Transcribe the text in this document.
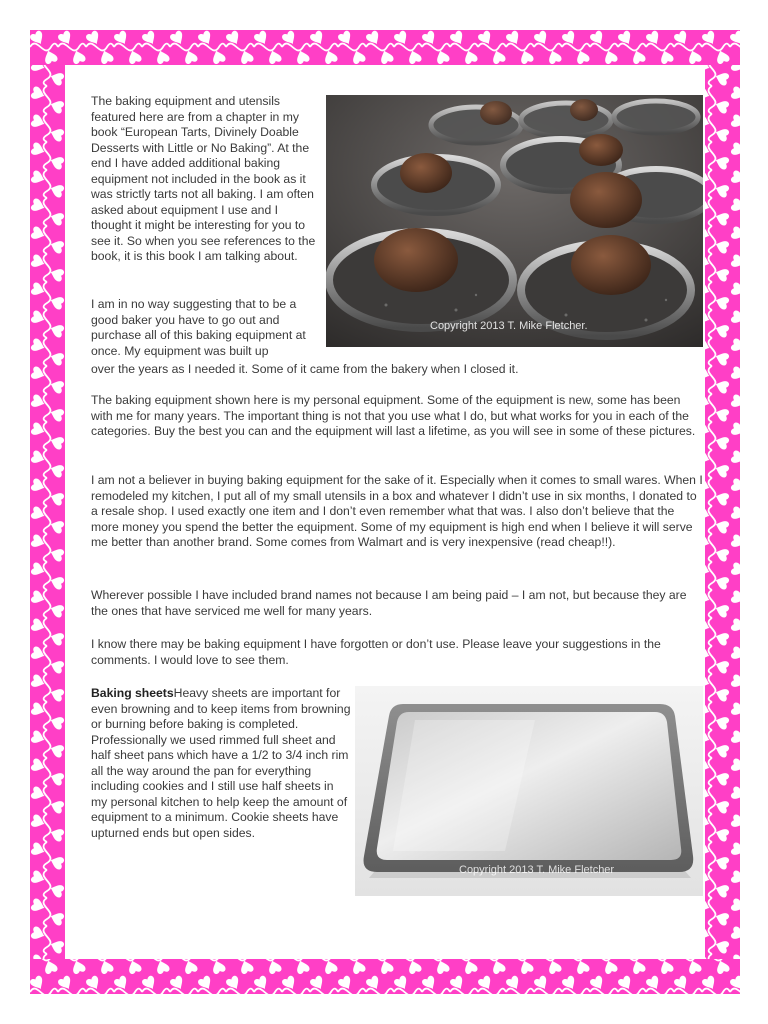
The baking equipment and utensils featured here are from a chapter in my book “European Tarts, Divinely Doable Desserts with Little or No Baking”. At the end I have added additional baking equipment not included in the book as it was strictly tarts not all baking. I am often asked about equipment I use and I thought it might be interesting for you to see it. So when you see references to the book, it is this book I am talking about.
I am in no way suggesting that to be a good baker you have to go out and purchase all of this baking equipment at once. My equipment was built up
over the years as I needed it. Some of it came from the bakery when I closed it.
Copyright 2013 T. Mike Fletcher.
The baking equipment shown here is my personal equipment. Some of the equipment is new, some has been with me for many years. The important thing is not that you use what I do, but what works for you in each of the categories. Buy the best you can and the equipment will last a lifetime, as you will see in some of these pictures.
I am not a believer in buying baking equipment for the sake of it. Especially when it comes to small wares. When I remodeled my kitchen, I put all of my small utensils in a box and whatever I didn’t use in six months, I donated to a resale shop. I used exactly one item and I don’t even remember what that was. I also don’t believe that the more money you spend the better the equipment. Some of my equipment is high end when I believe it will serve me better than another brand. Some comes from Walmart and is very inexpensive (read cheap!!).
Wherever possible I have included brand names not because I am being paid – I am not, but because they are the ones that have serviced me well for many years.
I know there may be baking equipment I have forgotten or don’t use. Please leave your suggestions in the comments. I would love to see them.
Baking sheetsHeavy sheets are important for even browning and to keep items from browning or burning before baking is completed. Professionally we used rimmed full sheet and half sheet pans which have a 1/2 to 3/4 inch rim all the way around the pan for everything including cookies and I still use half sheets in my personal kitchen to help keep the amount of equipment to a minimum. Cookie sheets have upturned ends but open sides.
Copyright 2013 T. Mike Fletcher
